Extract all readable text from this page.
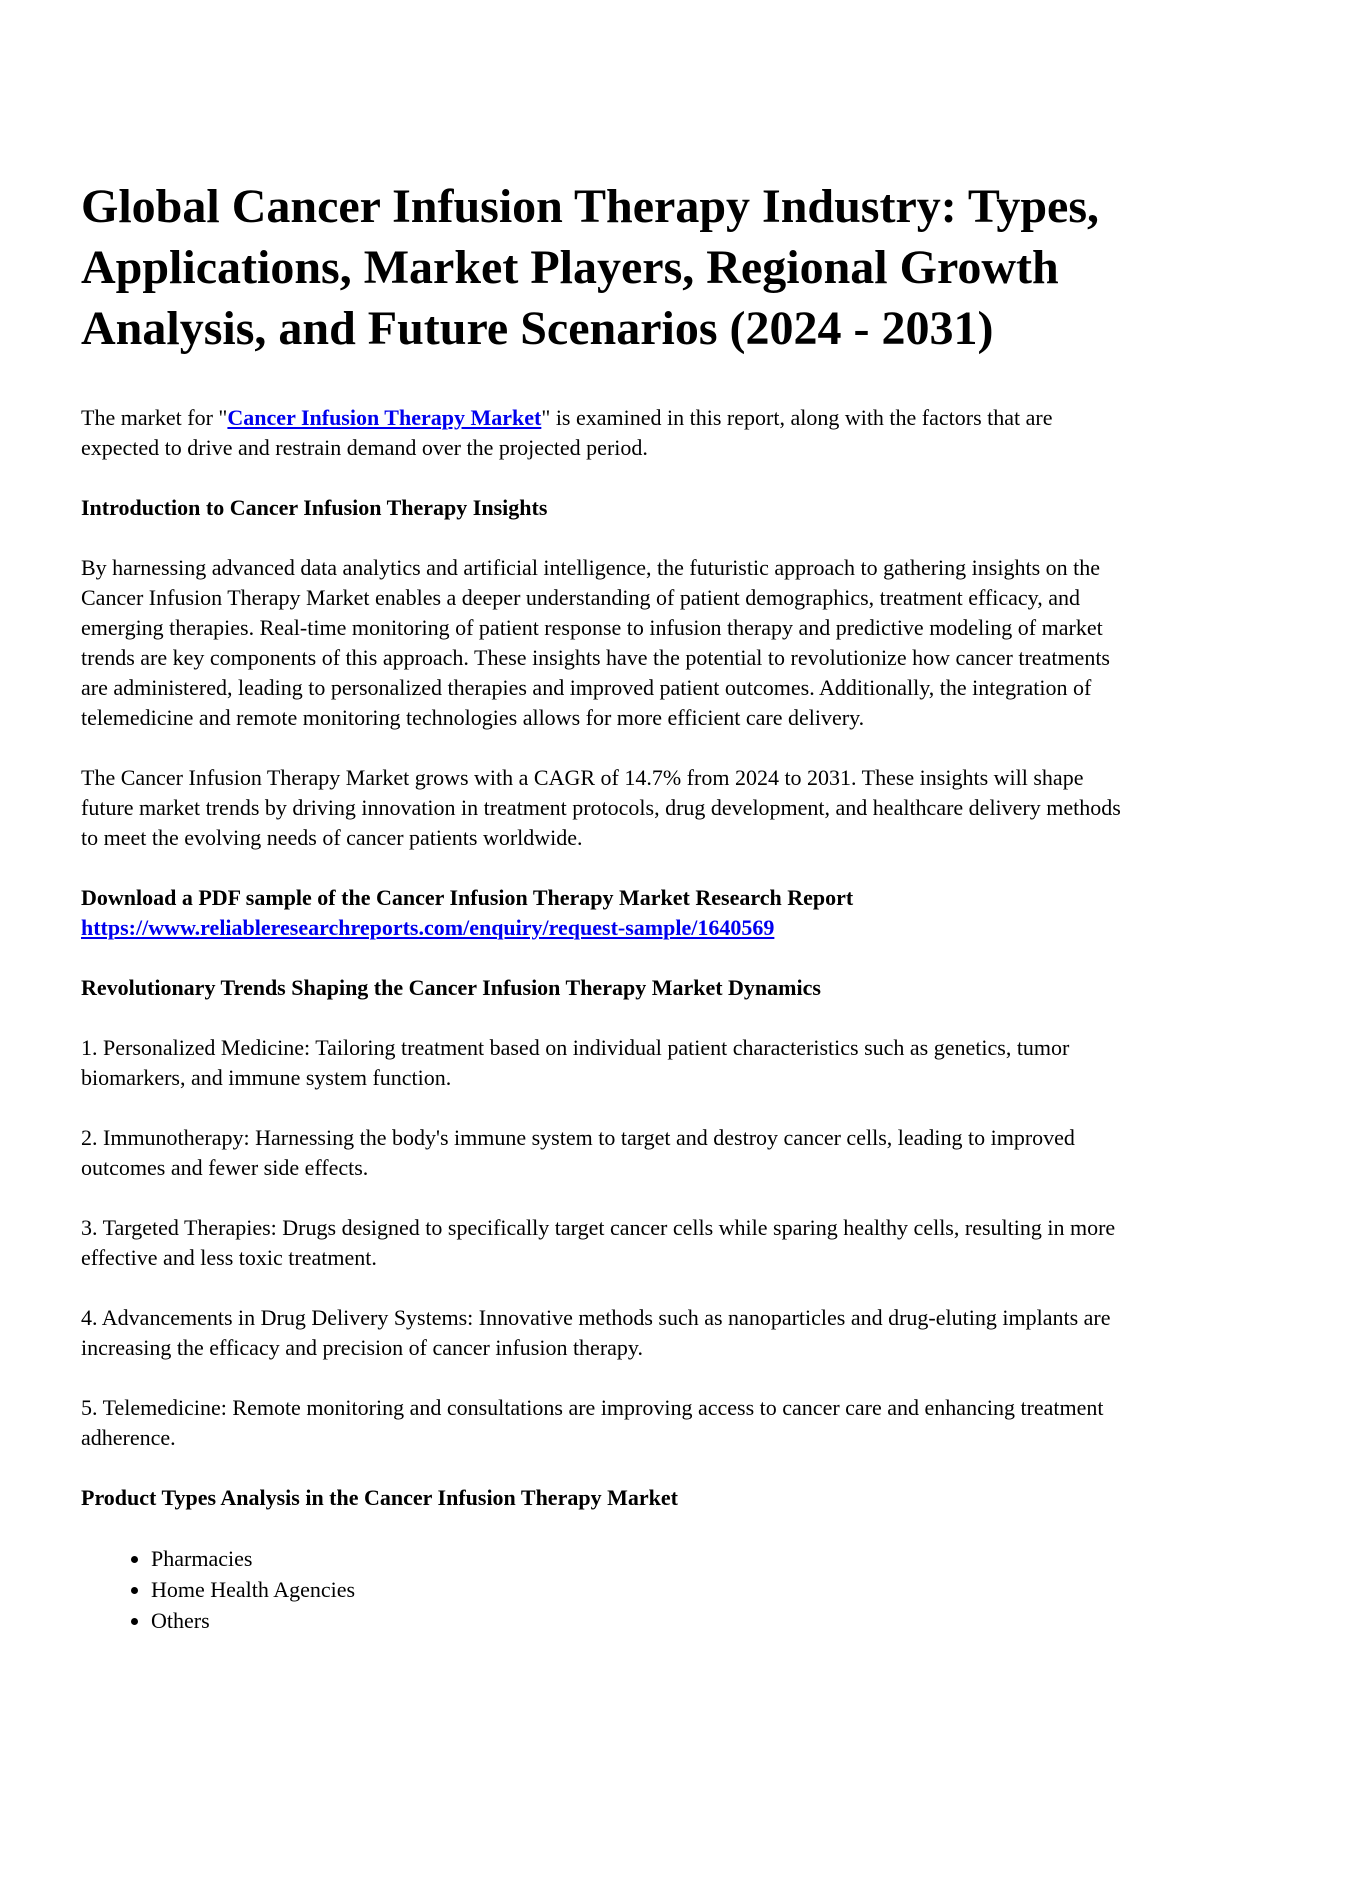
Global Cancer Infusion Therapy Industry: Types, Applications, Market Players, Regional Growth Analysis, and Future Scenarios (2024 - 2031)

The market for "Cancer Infusion Therapy Market" is examined in this report, along with the factors that are expected to drive and restrain demand over the projected period.

Introduction to Cancer Infusion Therapy Insights

By harnessing advanced data analytics and artificial intelligence, the futuristic approach to gathering insights on the Cancer Infusion Therapy Market enables a deeper understanding of patient demographics, treatment efficacy, and emerging therapies. Real-time monitoring of patient response to infusion therapy and predictive modeling of market trends are key components of this approach. These insights have the potential to revolutionize how cancer treatments are administered, leading to personalized therapies and improved patient outcomes. Additionally, the integration of telemedicine and remote monitoring technologies allows for more efficient care delivery.

The Cancer Infusion Therapy Market grows with a CAGR of 14.7% from 2024 to 2031. These insights will shape future market trends by driving innovation in treatment protocols, drug development, and healthcare delivery methods to meet the evolving needs of cancer patients worldwide.

Download a PDF sample of the Cancer Infusion Therapy Market Research Report https://www.reliableresearchreports.com/enquiry/request-sample/1640569

Revolutionary Trends Shaping the Cancer Infusion Therapy Market Dynamics

1. Personalized Medicine: Tailoring treatment based on individual patient characteristics such as genetics, tumor biomarkers, and immune system function.

2. Immunotherapy: Harnessing the body's immune system to target and destroy cancer cells, leading to improved outcomes and fewer side effects.

3. Targeted Therapies: Drugs designed to specifically target cancer cells while sparing healthy cells, resulting in more effective and less toxic treatment.

4. Advancements in Drug Delivery Systems: Innovative methods such as nanoparticles and drug-eluting implants are increasing the efficacy and precision of cancer infusion therapy.

5. Telemedicine: Remote monitoring and consultations are improving access to cancer care and enhancing treatment adherence.

Product Types Analysis in the Cancer Infusion Therapy Market

• Pharmacies
• Home Health Agencies
• Others
